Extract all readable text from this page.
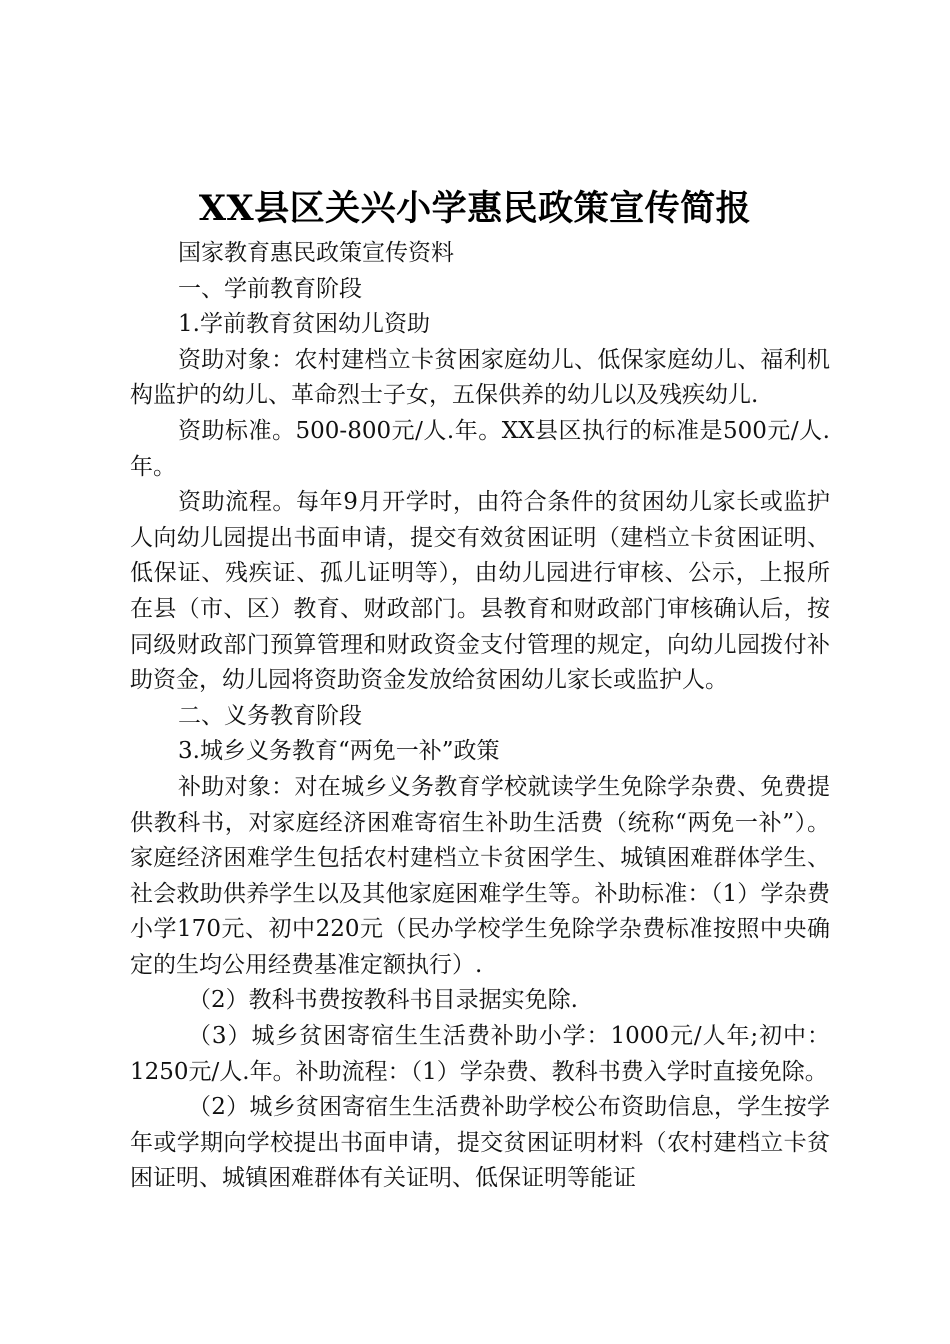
XX县区关兴小学惠民政策宣传简报

国家教育惠民政策宣传资料

一、学前教育阶段

1.学前教育贫困幼儿资助

资助对象：农村建档立卡贫困家庭幼儿、低保家庭幼儿、福利机构监护的幼儿、革命烈士子女，五保供养的幼儿以及残疾幼儿.

资助标准。500-800元/人.年。XX县区执行的标准是500元/人.年。

资助流程。每年9月开学时，由符合条件的贫困幼儿家长或监护人向幼儿园提出书面申请，提交有效贫困证明（建档立卡贫困证明、低保证、残疾证、孤儿证明等），由幼儿园进行审核、公示，上报所在县（市、区）教育、财政部门。县教育和财政部门审核确认后，按同级财政部门预算管理和财政资金支付管理的规定，向幼儿园拨付补助资金，幼儿园将资助资金发放给贫困幼儿家长或监护人。

二、义务教育阶段

3.城乡义务教育“两免一补”政策

补助对象：对在城乡义务教育学校就读学生免除学杂费、免费提供教科书，对家庭经济困难寄宿生补助生活费（统称“两免一补”）。家庭经济困难学生包括农村建档立卡贫困学生、城镇困难群体学生、社会救助供养学生以及其他家庭困难学生等。补助标准：（1）学杂费小学170元、初中220元（民办学校学生免除学杂费标准按照中央确定的生均公用经费基准定额执行）.

（2）教科书费按教科书目录据实免除.

（3）城乡贫困寄宿生生活费补助小学：1000元/人年;初中：1250元/人.年。补助流程：（1）学杂费、教科书费入学时直接免除。

（2）城乡贫困寄宿生生活费补助学校公布资助信息，学生按学年或学期向学校提出书面申请，提交贫困证明材料（农村建档立卡贫困证明、城镇困难群体有关证明、低保证明等能证
